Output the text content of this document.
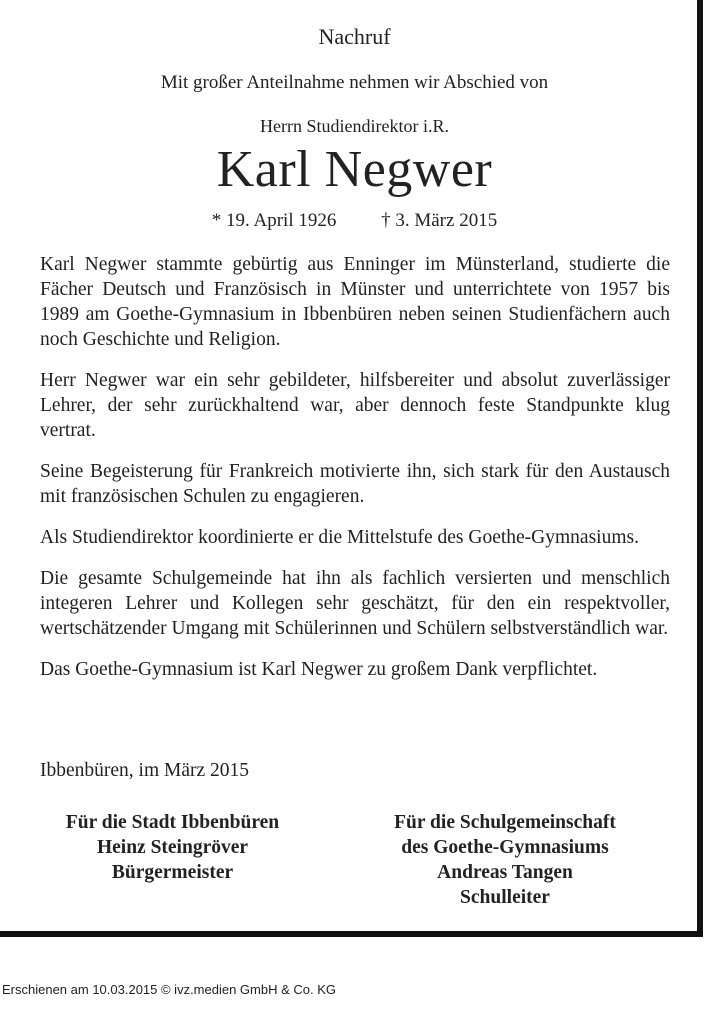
Nachruf
Mit großer Anteilnahme nehmen wir Abschied von
Herrn Studiendirektor i.R.
Karl Negwer
* 19. April 1926 † 3. März 2015

Karl Negwer stammte gebürtig aus Enninger im Münsterland, studierte die Fächer Deutsch und Französisch in Münster und unterrichtete von 1957 bis 1989 am Goethe-Gymnasium in Ibbenbüren neben seinen Studienfächern auch noch Geschichte und Religion.

Herr Negwer war ein sehr gebildeter, hilfsbereiter und absolut zuverlässiger Lehrer, der sehr zurückhaltend war, aber dennoch feste Standpunkte klug vertrat.

Seine Begeisterung für Frankreich motivierte ihn, sich stark für den Austausch mit französischen Schulen zu engagieren.

Als Studiendirektor koordinierte er die Mittelstufe des Goethe-Gymnasiums.

Die gesamte Schulgemeinde hat ihn als fachlich versierten und menschlich integeren Lehrer und Kollegen sehr geschätzt, für den ein respektvoller, wertschätzender Umgang mit Schülerinnen und Schülern selbstverständlich war.

Das Goethe-Gymnasium ist Karl Negwer zu großem Dank verpflichtet.

Ibbenbüren, im März 2015
Für die Stadt Ibbenbüren
Heinz Steingröver
Bürgermeister
Für die Schulgemeinschaft
des Goethe-Gymnasiums
Andreas Tangen
Schulleiter
Erschienen am 10.03.2015 © ivz.medien GmbH & Co. KG
